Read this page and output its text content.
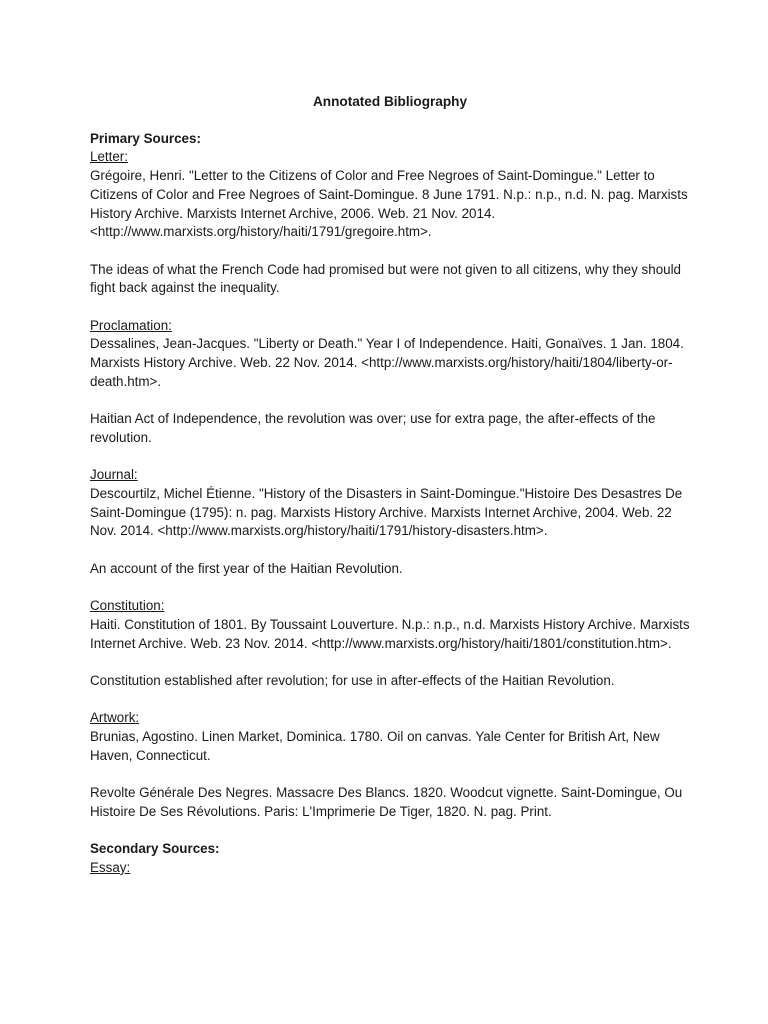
Annotated Bibliography
Primary Sources:
Letter:
Grégoire, Henri. "Letter to the Citizens of Color and Free Negroes of Saint-Domingue." Letter to Citizens of Color and Free Negroes of Saint-Domingue. 8 June 1791. N.p.: n.p., n.d. N. pag. Marxists History Archive. Marxists Internet Archive, 2006. Web. 21 Nov. 2014. <http://www.marxists.org/history/haiti/1791/gregoire.htm>.
The ideas of what the French Code had promised but were not given to all citizens, why they should fight back against the inequality.
Proclamation:
Dessalines, Jean-Jacques. "Liberty or Death." Year I of Independence. Haiti, Gonaïves. 1 Jan. 1804. Marxists History Archive. Web. 22 Nov. 2014. <http://www.marxists.org/history/haiti/1804/liberty-or-death.htm>.
Haitian Act of Independence, the revolution was over; use for extra page, the after-effects of the revolution.
Journal:
Descourtilz, Michel Étienne. "History of the Disasters in Saint-Domingue."Histoire Des Desastres De Saint-Domingue (1795): n. pag. Marxists History Archive. Marxists Internet Archive, 2004. Web. 22 Nov. 2014. <http://www.marxists.org/history/haiti/1791/history-disasters.htm>.
An account of the first year of the Haitian Revolution.
Constitution:
Haiti. Constitution of 1801. By Toussaint Louverture. N.p.: n.p., n.d. Marxists History Archive. Marxists Internet Archive. Web. 23 Nov. 2014. <http://www.marxists.org/history/haiti/1801/constitution.htm>.
Constitution established after revolution; for use in after-effects of the Haitian Revolution.
Artwork:
Brunias, Agostino. Linen Market, Dominica. 1780. Oil on canvas. Yale Center for British Art, New Haven, Connecticut.
Revolte Générale Des Negres. Massacre Des Blancs. 1820. Woodcut vignette. Saint-Domingue, Ou Histoire De Ses Révolutions. Paris: L'Imprimerie De Tiger, 1820. N. pag. Print.
Secondary Sources:
Essay:
